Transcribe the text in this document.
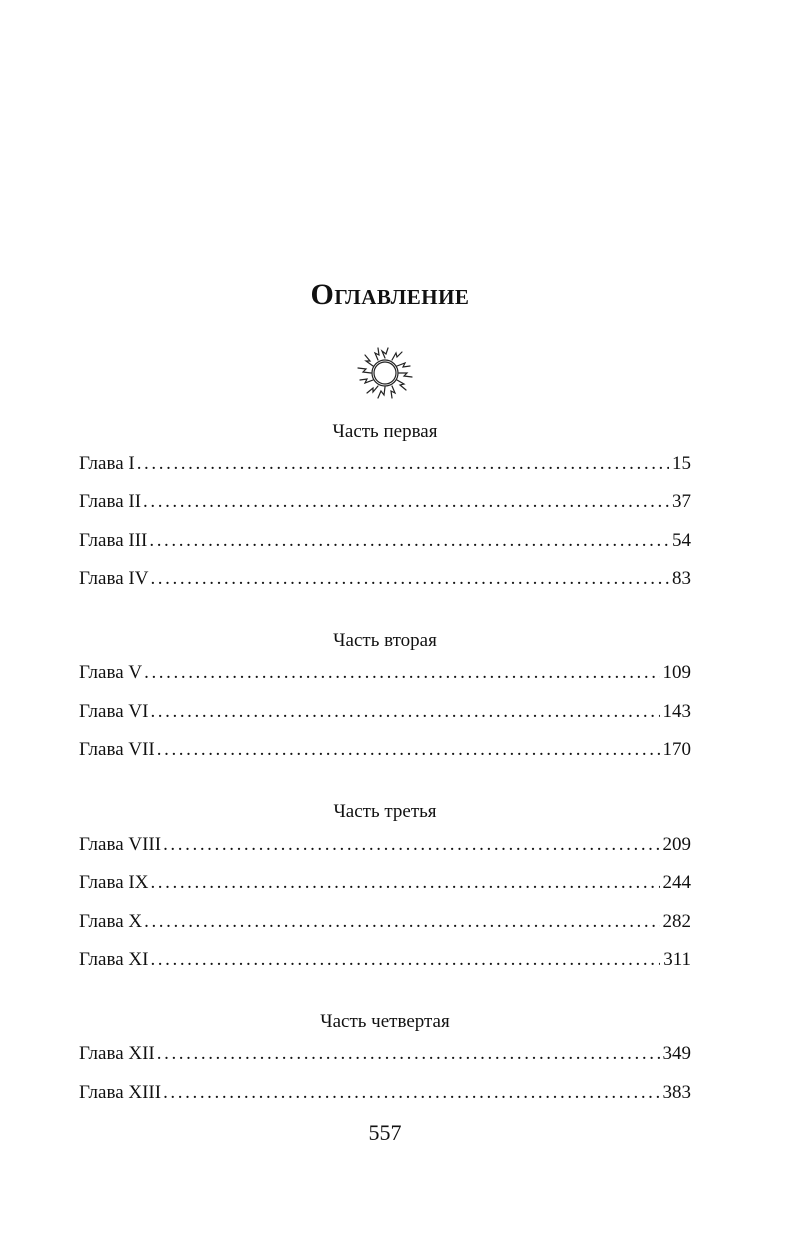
Оглавление
Часть первая
Глава I .....	15
Глава II .....	37
Глава III .....	54
Глава IV .....	83
Часть вторая
Глава V .....	109
Глава VI .....	143
Глава VII .....	170
Часть третья
Глава VIII .....	209
Глава IX .....	244
Глава X .....	282
Глава XI .....	311
Часть четвертая
Глава XII .....	349
Глава XIII .....	383
557
